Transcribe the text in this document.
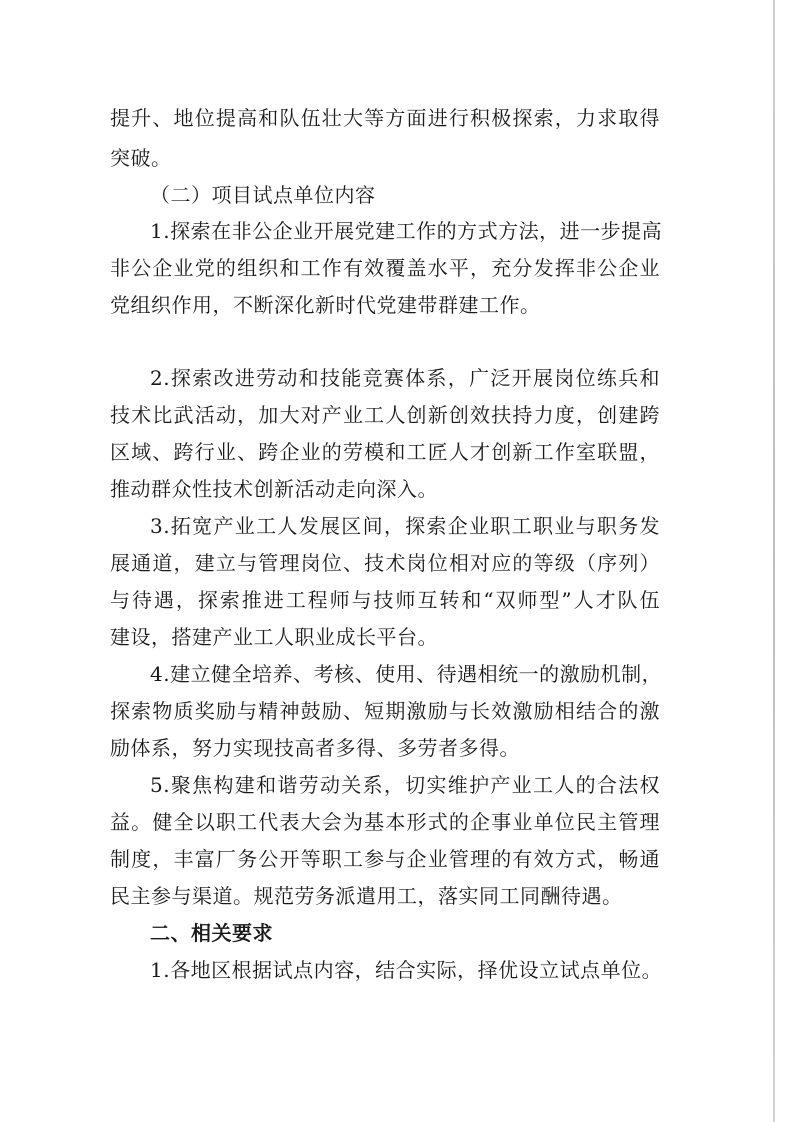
提升、地位提高和队伍壮大等方面进行积极探索，力求取得
突破。
（二）项目试点单位内容
1.探索在非公企业开展党建工作的方式方法，进一步提高
非公企业党的组织和工作有效覆盖水平，充分发挥非公企业
党组织作用，不断深化新时代党建带群建工作。
2.探索改进劳动和技能竞赛体系，广泛开展岗位练兵和
技术比武活动，加大对产业工人创新创效扶持力度，创建跨
区域、跨行业、跨企业的劳模和工匠人才创新工作室联盟，
推动群众性技术创新活动走向深入。
3.拓宽产业工人发展区间，探索企业职工职业与职务发
展通道，建立与管理岗位、技术岗位相对应的等级（序列）
与待遇，探索推进工程师与技师互转和“双师型”人才队伍
建设，搭建产业工人职业成长平台。
4.建立健全培养、考核、使用、待遇相统一的激励机制，
探索物质奖励与精神鼓励、短期激励与长效激励相结合的激
励体系，努力实现技高者多得、多劳者多得。
5.聚焦构建和谐劳动关系，切实维护产业工人的合法权
益。健全以职工代表大会为基本形式的企事业单位民主管理
制度，丰富厂务公开等职工参与企业管理的有效方式，畅通
民主参与渠道。规范劳务派遣用工，落实同工同酬待遇。
二、相关要求
1.各地区根据试点内容，结合实际，择优设立试点单位。
